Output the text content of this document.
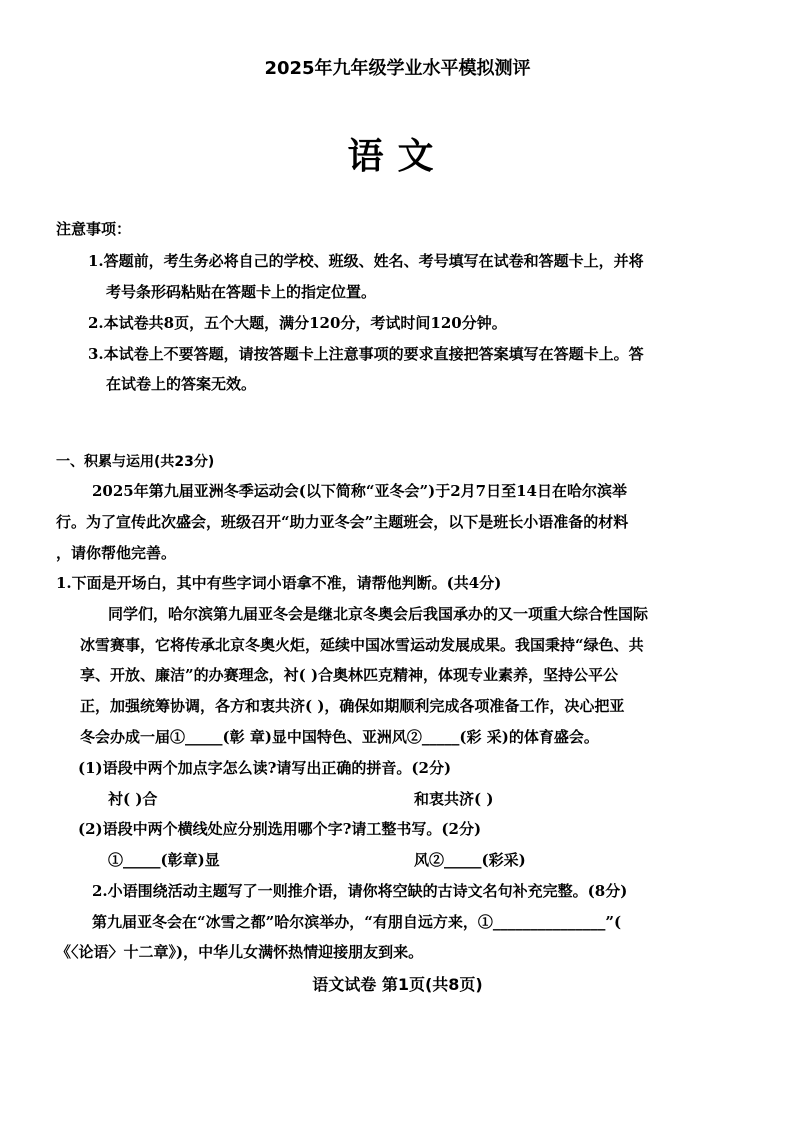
2025年九年级学业水平模拟测评
语文
注意事项：
1.答题前，考生务必将自己的学校、班级、姓名、考号填写在试卷和答题卡上，并将
考号条形码粘贴在答题卡上的指定位置。
2.本试卷共8页，五个大题，满分120分，考试时间120分钟。
3.本试卷上不要答题，请按答题卡上注意事项的要求直接把答案填写在答题卡上。答
在试卷上的答案无效。
一、积累与运用(共23分)
2025年第九届亚洲冬季运动会(以下简称“亚冬会”)于2月7日至14日在哈尔滨举
行。为了宣传此次盛会，班级召开“助力亚冬会”主题班会，以下是班长小语准备的材料
，请你帮他完善。
1.下面是开场白，其中有些字词小语拿不准，请帮他判断。(共4分)
同学们，哈尔滨第九届亚冬会是继北京冬奥会后我国承办的又一项重大综合性国际
冰雪赛事，它将传承北京冬奥火炬，延续中国冰雪运动发展成果。我国秉持“绿色、共
享、开放、廉洁”的办赛理念，衬( )合奥林匹克精神，体现专业素养，坚持公平公
正，加强统筹协调，各方和衷共济( )，确保如期顺利完成各项准备工作，决心把亚
冬会办成一届①_____(彰 章)显中国特色、亚洲风②_____(彩 采)的体育盛会。
(1)语段中两个加点字怎么读?请写出正确的拼音。(2分)
衬( )合	和衷共济( )
(2)语段中两个横线处应分别选用哪个字?请工整书写。(2分)
①_____(彰章)显	风②_____(彩采)
2.小语围绕活动主题写了一则推介语，请你将空缺的古诗文名句补充完整。(8分)
第九届亚冬会在“冰雪之都”哈尔滨举办，“有朋自远方来，①_______________”(
《〈论语〉十二章》)，中华儿女满怀热情迎接朋友到来。
语文试卷 第1页(共8页)
